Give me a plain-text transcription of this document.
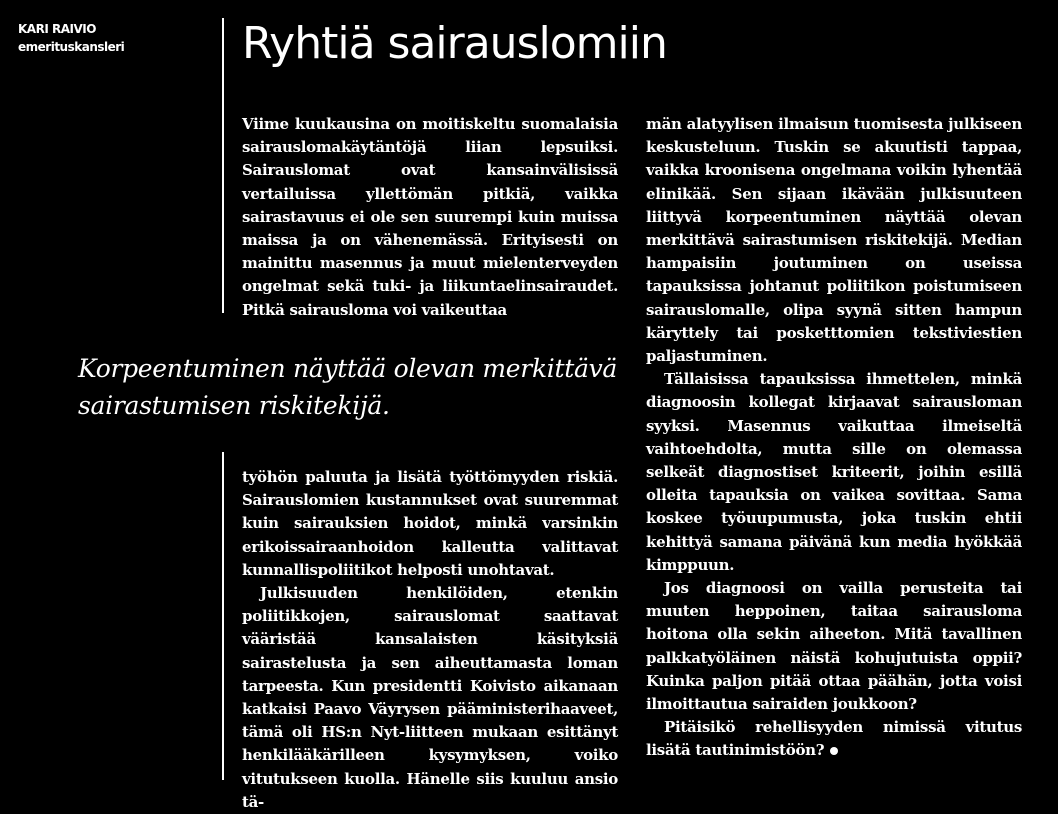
KARI RAIVIO
emerituskansleri	Ryhtiä sairauslomiin

Viime kuukausina on moitiskeltu suomalaisia sairauslomakäytäntöjä liian lepsuiksi. Sairauslomat ovat kansainvälisissä vertailuissa yllettömän pitkiä, vaikka sairastavuus ei ole sen suurempi kuin muissa maissa ja on vähenemässä. Erityisesti on mainittu masennus ja muut mielenterveyden ongelmat sekä tuki- ja liikuntaelinsairaudet. Pitkä sairausloma voi vaikeuttaa

Korpeentuminen näyttää olevan merkittävä sairastumisen riskitekijä.

työhön paluuta ja lisätä työttömyyden riskiä. Sairauslomien kustannukset ovat suuremmat kuin sairauksien hoidot, minkä varsinkin erikoissairaanhoidon kalleutta valittavat kunnallispoliitikot helposti unohtavat.

Julkisuuden henkilöiden, etenkin poliitikkojen, sairauslomat saattavat vääristää kansalaisten käsityksiä sairastelusta ja sen aiheuttamasta loman tarpeesta. Kun presidentti Koivisto aikanaan katkaisi Paavo Väyrysen pääministerihaaveet, tämä oli HS:n Nyt-liitteen mukaan esittänyt henkilääkärilleen kysymyksen, voiko vitutukseen kuolla. Hänelle siis kuuluu ansio tä-

män alatyylisen ilmaisun tuomisesta julkiseen keskusteluun. Tuskin se akuutisti tappaa, vaikka kroonisena ongelmana voikin lyhentää elinikää. Sen sijaan ikävään julkisuuteen liittyvä korpeentuminen näyttää olevan merkittävä sairastumisen riskitekijä. Median hampaisiin joutuminen on useissa tapauksissa johtanut poliitikon poistumiseen sairauslomalle, olipa syynä sitten hampun käryttely tai posketttomien tekstiviestien paljastuminen.

Tällaisissa tapauksissa ihmettelen, minkä diagnoosin kollegat kirjaavat sairausloman syyksi. Masennus vaikuttaa ilmeiseltä vaihtoehdolta, mutta sille on olemassa selkeät diagnostiset kriteerit, joihin esillä olleita tapauksia on vaikea sovittaa. Sama koskee työuupumusta, joka tuskin ehtii kehittyä samana päivänä kun media hyökkää kimppuun.

Jos diagnoosi on vailla perusteita tai muuten heppoinen, taitaa sairausloma hoitona olla sekin aiheeton. Mitä tavallinen palkkatyöläinen näistä kohujutuista oppii? Kuinka paljon pitää ottaa päähän, jotta voisi ilmoittautua sairaiden joukkoon?

Pitäisikö rehellisyyden nimissä vitutus lisätä tautinimistöön?
